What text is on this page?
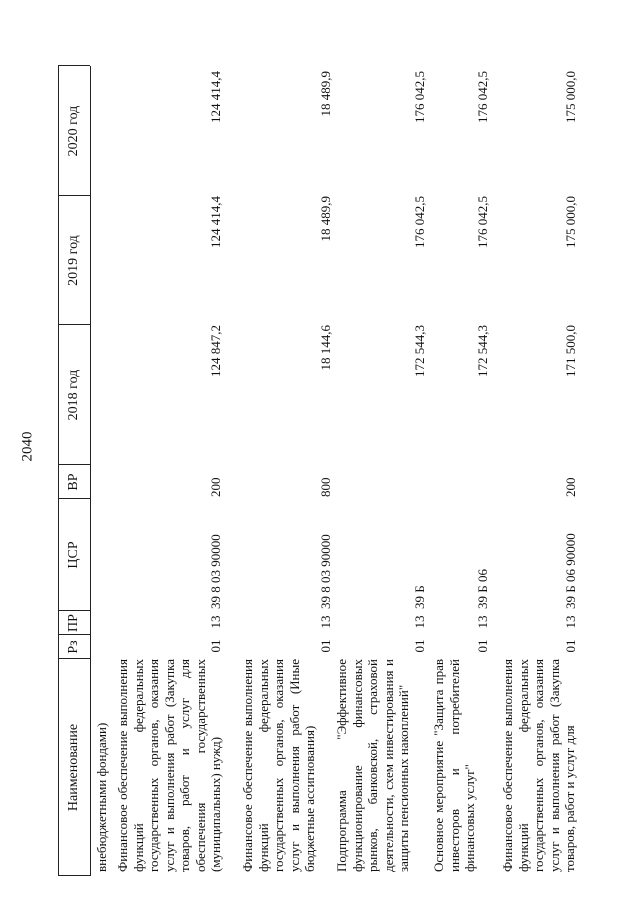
2040
Наименование
Рз
ПР
ЦСР
ВР
2018 год
2019 год
2020 год
внебюджетными фондами) Финансовое обеспечение выполнения функций федеральных государственных органов, оказания услуг и выполнения работ (Закупка товаров, работ и услуг для обеспечения государственных (муниципальных) нужд)
01
13
39 8 03 90000
200
124 847,2
124 414,4
124 414,4
Финансовое обеспечение выполнения функций федеральных государственных органов, оказания услуг и выполнения работ (Иные бюджетные ассигнования)
01
13
39 8 03 90000
800
18 144,6
18 489,9
18 489,9
Подпрограмма "Эффективное функционирование финансовых рынков, банковской, страховой деятельности, схем инвестирования и защиты пенсионных накоплений"
01
13
39 Б
172 544,3
176 042,5
176 042,5
Основное мероприятие "Защита прав инвесторов и потребителей финансовых услуг"
01
13
39 Б 06
172 544,3
176 042,5
176 042,5
Финансовое обеспечение выполнения функций федеральных государственных органов, оказания услуг и выполнения работ (Закупка товаров, работ и услуг для
01
13
39 Б 06 90000
200
171 500,0
175 000,0
175 000,0
